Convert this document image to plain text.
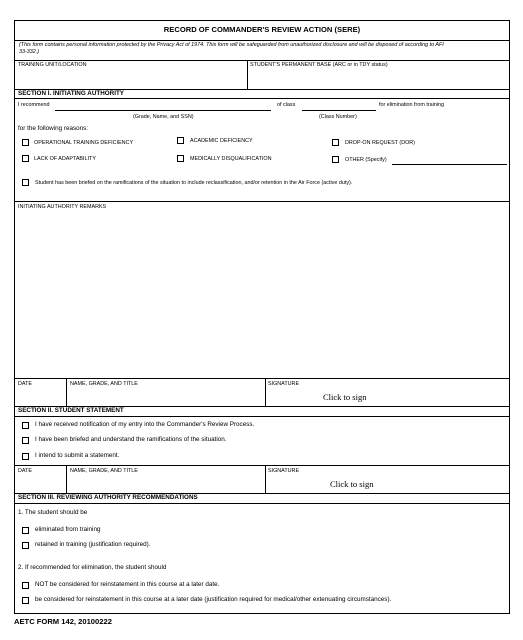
RECORD OF COMMANDER'S REVIEW ACTION (SERE)
(This form contains personal information protected by the Privacy Act of 1974. This form will be safeguarded from unauthorized disclosure and will be disposed of according to AFI 33-332.)
TRAINING UNIT/LOCATION	STUDENT'S PERMANENT BASE (ARC or in TDY status)
SECTION I. INITIATING AUTHORITY
I recommend	of class	for elimination from training
(Grade, Name, and SSN)	(Class Number)
for the following reasons:
OPERATIONAL TRAINING DEFICIENCY	ACADEMIC DEFICIENCY	DROP-ON REQUEST (DOR)
LACK OF ADAPTABILITY	MEDICALLY DISQUALIFICATION	OTHER (Specify)
Student has been briefed on the ramifications of the situation to include reclassification, and/or retention in the Air Force (active duty).
INITIATING AUTHORITY REMARKS
DATE	NAME, GRADE, AND TITLE	SIGNATURE
Click to sign
SECTION II. STUDENT STATEMENT
I have received notification of my entry into the Commander's Review Process.
I have been briefed and understand the ramifications of the situation.
I intend to submit a statement.
DATE	NAME, GRADE, AND TITLE	SIGNATURE
Click to sign
SECTION III. REVIEWING AUTHORITY RECOMMENDATIONS
1. The student should be
eliminated from training
retained in training (justification required).
2. If recommended for elimination, the student should
NOT be considered for reinstatement in this course at a later date.
be considered for reinstatement in this course at a later date (justification required for medical/other extenuating circumstances).
AETC FORM 142, 20100222
